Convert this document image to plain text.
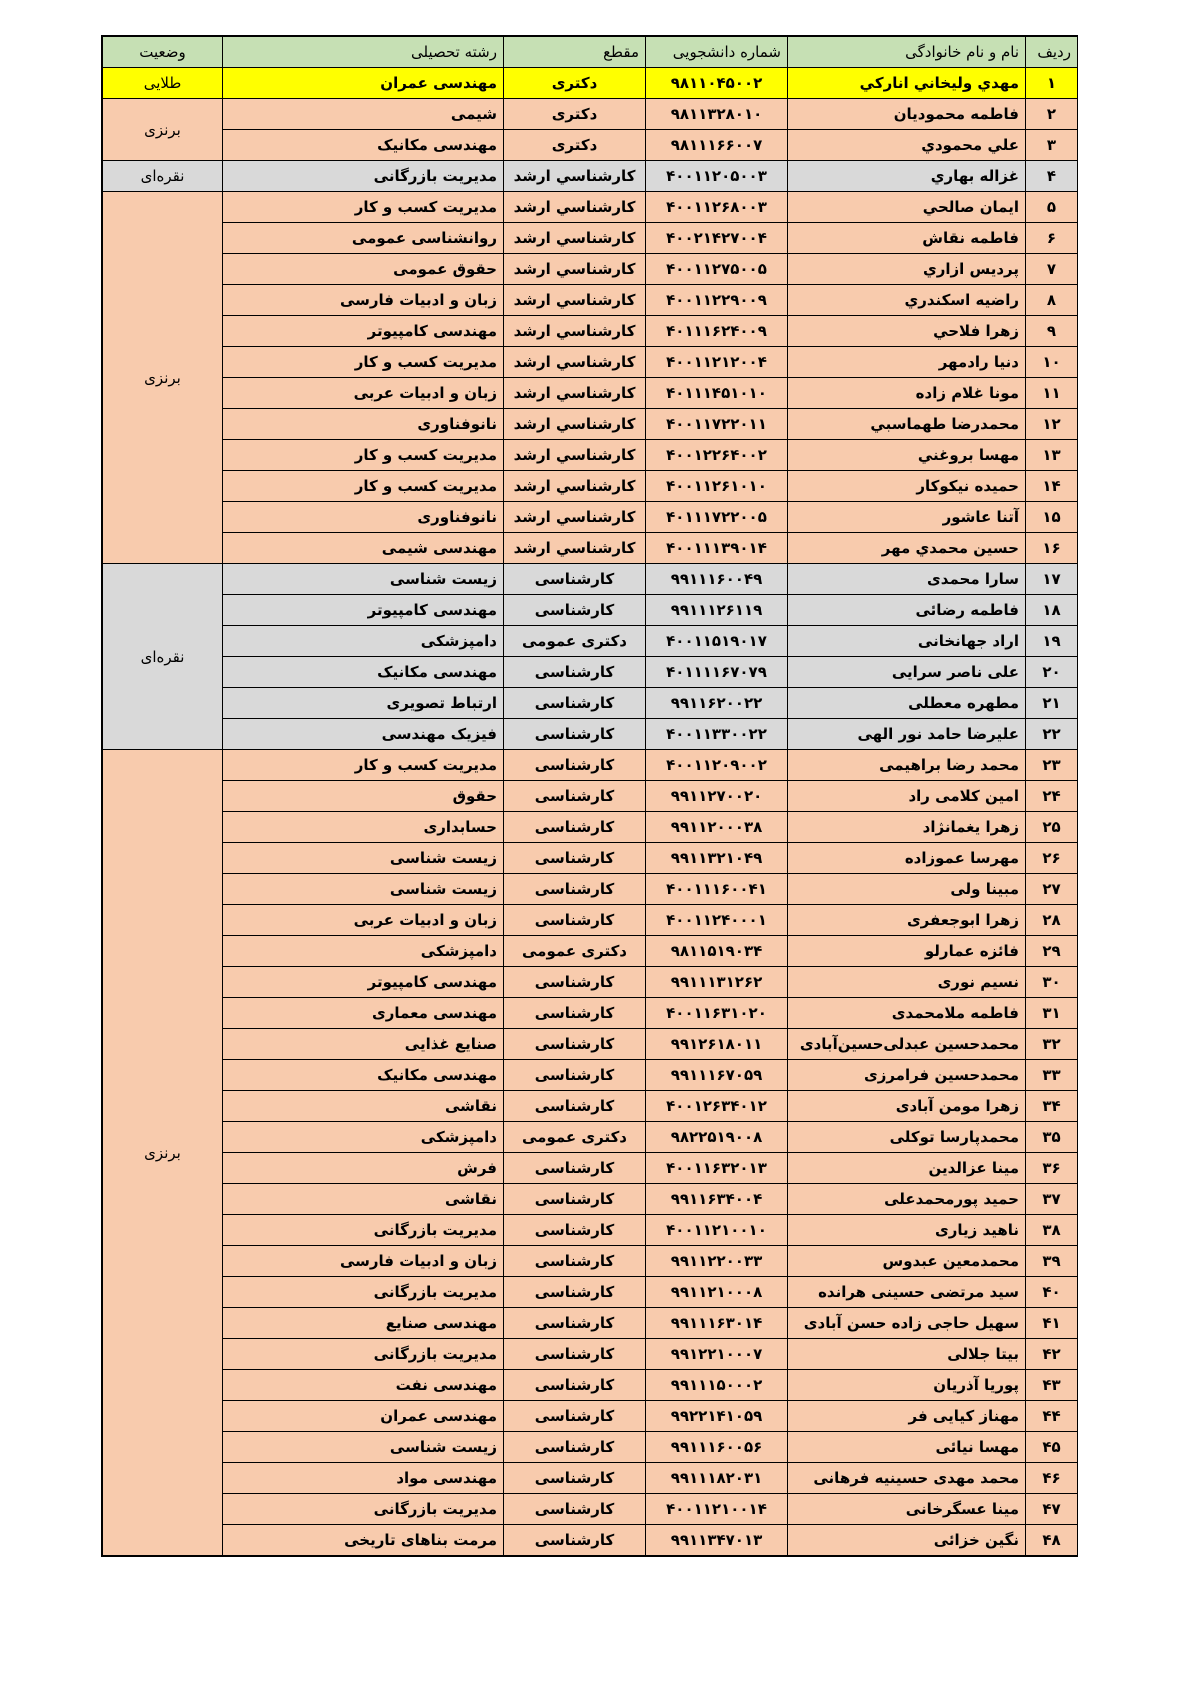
ردیف	نام و نام خانوادگی	شماره دانشجویی	مقطع	رشته تحصیلی	وضعیت
۱	مهدي وليخاني انارکي	۹۸۱۱۰۴۵۰۰۲	دکتری	مهندسی عمران	طلایی
۲	فاطمه محموديان	۹۸۱۱۳۲۸۰۱۰	دکتری	شیمی	برنزی
۳	علي محمودي	۹۸۱۱۱۶۶۰۰۷	دکتری	مهندسی مکانیک	
۴	غزاله بهاري	۴۰۰۱۱۲۰۵۰۰۳	کارشناسي ارشد	مدیریت بازرگانی	نقره‌ای
۵	ايمان صالحي	۴۰۰۱۱۲۶۸۰۰۳	کارشناسي ارشد	مدیریت کسب و کار	برنزی
۶	فاطمه نقاش	۴۰۰۲۱۴۲۷۰۰۴	کارشناسي ارشد	روانشناسی عمومی	
۷	پرديس ازاري	۴۰۰۱۱۲۷۵۰۰۵	کارشناسي ارشد	حقوق عمومی	
۸	راضيه اسکندري	۴۰۰۱۱۲۲۹۰۰۹	کارشناسي ارشد	زبان و ادبیات فارسی	
۹	زهرا فلاحي	۴۰۱۱۱۶۲۴۰۰۹	کارشناسي ارشد	مهندسی کامپیوتر	
۱۰	دنيا رادمهر	۴۰۰۱۱۲۱۲۰۰۴	کارشناسي ارشد	مدیریت کسب و کار	
۱۱	مونا غلام زاده	۴۰۱۱۱۴۵۱۰۱۰	کارشناسي ارشد	زبان و ادبیات عربی	
۱۲	محمدرضا طهماسبي	۴۰۰۱۱۷۲۲۰۱۱	کارشناسي ارشد	نانوفناوری	
۱۳	مهسا بروغني	۴۰۰۱۲۲۶۴۰۰۲	کارشناسي ارشد	مدیریت کسب و کار	
۱۴	حميده نيکوکار	۴۰۰۱۱۲۶۱۰۱۰	کارشناسي ارشد	مدیریت کسب و کار	
۱۵	آتنا عاشور	۴۰۱۱۱۷۲۲۰۰۵	کارشناسي ارشد	نانوفناوری	
۱۶	حسين محمدي مهر	۴۰۰۱۱۱۳۹۰۱۴	کارشناسي ارشد	مهندسی شیمی	
۱۷	سارا محمدی	۹۹۱۱۱۶۰۰۴۹	کارشناسی	زیست شناسی	نقره‌ای
۱۸	فاطمه رضائی	۹۹۱۱۱۲۶۱۱۹	کارشناسی	مهندسی کامپیوتر	
۱۹	اراد جهانخانی	۴۰۰۱۱۵۱۹۰۱۷	دکتری عمومی	دامپزشکی	
۲۰	علی ناصر سرایی	۴۰۱۱۱۱۶۷۰۷۹	کارشناسی	مهندسی مکانیک	
۲۱	مطهره معطلی	۹۹۱۱۶۲۰۰۲۲	کارشناسی	ارتباط تصویری	
۲۲	علیرضا حامد نور الهی	۴۰۰۱۱۳۳۰۰۲۲	کارشناسی	فیزیک مهندسی	
۲۳	محمد رضا براهیمی	۴۰۰۱۱۲۰۹۰۰۲	کارشناسی	مدیریت کسب و کار	برنزی
۲۴	امین کلامی راد	۹۹۱۱۲۷۰۰۲۰	کارشناسی	حقوق	
۲۵	زهرا یغمانژاد	۹۹۱۱۲۰۰۰۳۸	کارشناسی	حسابداری	
۲۶	مهرسا عموزاده	۹۹۱۱۳۲۱۰۴۹	کارشناسی	زیست شناسی	
۲۷	مبینا ولی	۴۰۰۱۱۱۶۰۰۴۱	کارشناسی	زیست شناسی	
۲۸	زهرا ابوجعفری	۴۰۰۱۱۲۴۰۰۰۱	کارشناسی	زبان و ادبیات عربی	
۲۹	فائزه عمارلو	۹۸۱۱۵۱۹۰۳۴	دکتری عمومی	دامپزشکی	
۳۰	نسیم نوری	۹۹۱۱۱۳۱۲۶۲	کارشناسی	مهندسی کامپیوتر	
۳۱	فاطمه ملامحمدی	۴۰۰۱۱۶۳۱۰۲۰	کارشناسی	مهندسی معماری	
۳۲	محمدحسین عبدلی‌حسین‌آبادی	۹۹۱۲۶۱۸۰۱۱	کارشناسی	صنایع غذایی	
۳۳	محمدحسین فرامرزی	۹۹۱۱۱۶۷۰۵۹	کارشناسی	مهندسی مکانیک	
۳۴	زهرا مومن آبادی	۴۰۰۱۲۶۳۴۰۱۲	کارشناسی	نقاشی	
۳۵	محمدپارسا توکلی	۹۸۲۲۵۱۹۰۰۸	دکتری عمومی	دامپزشکی	
۳۶	مینا عزالدین	۴۰۰۱۱۶۳۲۰۱۳	کارشناسی	فرش	
۳۷	حمید پورمحمدعلی	۹۹۱۱۶۳۴۰۰۴	کارشناسی	نقاشی	
۳۸	ناهید زیاری	۴۰۰۱۱۲۱۰۰۱۰	کارشناسی	مدیریت بازرگانی	
۳۹	محمدمعین عبدوس	۹۹۱۱۲۲۰۰۳۳	کارشناسی	زبان و ادبیات فارسی	
۴۰	سید مرتضی حسینی هرانده	۹۹۱۱۲۱۰۰۰۸	کارشناسی	مدیریت بازرگانی	
۴۱	سهیل حاجی زاده حسن آبادی	۹۹۱۱۱۶۳۰۱۴	کارشناسی	مهندسی صنایع	
۴۲	بیتا جلالی	۹۹۱۲۲۱۰۰۰۷	کارشناسی	مدیریت بازرگانی	
۴۳	پوریا آذریان	۹۹۱۱۱۵۰۰۰۲	کارشناسی	مهندسی نفت	
۴۴	مهناز کیایی فر	۹۹۲۲۱۴۱۰۵۹	کارشناسی	مهندسی عمران	
۴۵	مهسا نیائی	۹۹۱۱۱۶۰۰۵۶	کارشناسی	زیست شناسی	
۴۶	محمد مهدی حسینیه فرهانی	۹۹۱۱۱۸۲۰۳۱	کارشناسی	مهندسی مواد	
۴۷	مینا عسگرخانی	۴۰۰۱۱۲۱۰۰۱۴	کارشناسی	مدیریت بازرگانی	
۴۸	نگین خزائی	۹۹۱۱۳۴۷۰۱۳	کارشناسی	مرمت بناهای تاریخی	
